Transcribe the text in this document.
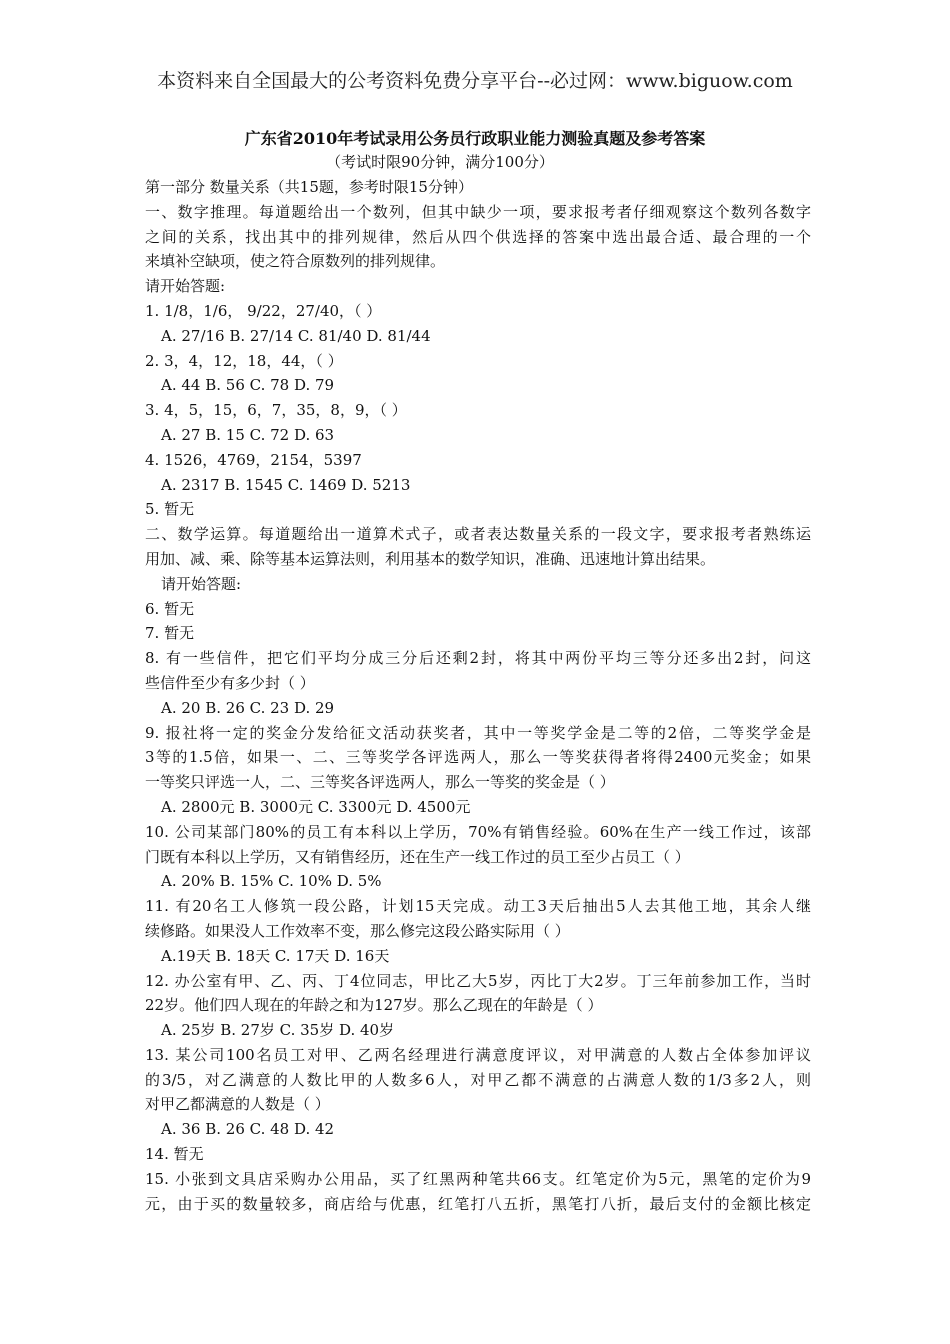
本资料来自全国最大的公考资料免费分享平台--必过网：www.biguow.com
广东省2010年考试录用公务员行政职业能力测验真题及参考答案
（考试时限90分钟，满分100分）
第一部分 数量关系（共15题，参考时限15分钟）
一、数字推理。每道题给出一个数列，但其中缺少一项，要求报考者仔细观察这个数列各数字
之间的关系，找出其中的排列规律，然后从四个供选择的答案中选出最合适、最合理的一个
来填补空缺项，使之符合原数列的排列规律。
请开始答题:
1. 1/8，1/6， 9/22，27/40，（ ）
A. 27/16 B. 27/14 C. 81/40 D. 81/44
2. 3，4，12，18，44，（ ）
A. 44 B. 56 C. 78 D. 79
3. 4，5，15，6，7，35，8，9，（ ）
A. 27 B. 15 C. 72 D. 63
4. 1526，4769，2154，5397
A. 2317 B. 1545 C. 1469 D. 5213
5. 暂无
二、数学运算。每道题给出一道算术式子，或者表达数量关系的一段文字，要求报考者熟练运
用加、减、乘、除等基本运算法则，利用基本的数学知识，准确、迅速地计算出结果。
请开始答题:
6. 暂无
7. 暂无
8. 有一些信件，把它们平均分成三分后还剩2封，将其中两份平均三等分还多出2封，问这
些信件至少有多少封（ ）
A. 20 B. 26 C. 23 D. 29
9. 报社将一定的奖金分发给征文活动获奖者，其中一等奖学金是二等的2倍，二等奖学金是
3等的1.5倍，如果一、二、三等奖学各评选两人，那么一等奖获得者将得2400元奖金；如果
一等奖只评选一人，二、三等奖各评选两人，那么一等奖的奖金是（ ）
A. 2800元 B. 3000元 C. 3300元 D. 4500元
10. 公司某部门80%的员工有本科以上学历，70%有销售经验。60%在生产一线工作过，该部
门既有本科以上学历，又有销售经历，还在生产一线工作过的员工至少占员工（ ）
A. 20% B. 15% C. 10% D. 5%
11. 有20名工人修筑一段公路，计划15天完成。动工3天后抽出5人去其他工地，其余人继
续修路。如果没人工作效率不变，那么修完这段公路实际用（ ）
A.19天 B. 18天 C. 17天 D. 16天
12. 办公室有甲、乙、丙、丁4位同志，甲比乙大5岁，丙比丁大2岁。丁三年前参加工作，当时
22岁。他们四人现在的年龄之和为127岁。那么乙现在的年龄是（ ）
A. 25岁 B. 27岁 C. 35岁 D. 40岁
13. 某公司100名员工对甲、乙两名经理进行满意度评议，对甲满意的人数占全体参加评议
的3/5，对乙满意的人数比甲的人数多6人，对甲乙都不满意的占满意人数的1/3多2人，则
对甲乙都满意的人数是（ ）
A. 36 B. 26 C. 48 D. 42
14. 暂无
15. 小张到文具店采购办公用品，买了红黑两种笔共66支。红笔定价为5元，黑笔的定价为9
元，由于买的数量较多，商店给与优惠，红笔打八五折，黑笔打八折，最后支付的金额比核定
